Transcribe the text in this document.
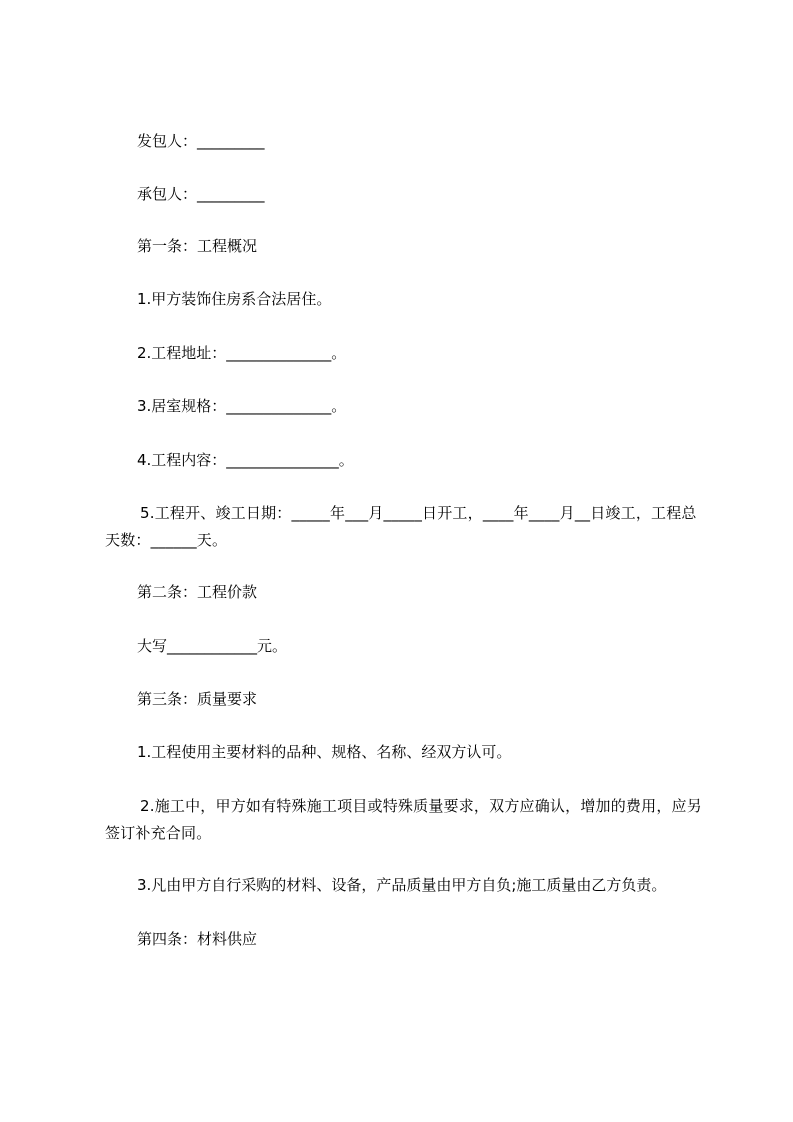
发包人：_________
承包人：_________
第一条：工程概况
1.甲方装饰住房系合法居住。
2.工程地址：______________。
3.居室规格：______________。
4.工程内容：_______________。
5.工程开、竣工日期：_____年___月_____日开工，____年____月__日竣工，工程总天数：______天。
第二条：工程价款
大写____________元。
第三条：质量要求
1.工程使用主要材料的品种、规格、名称、经双方认可。
2.施工中，甲方如有特殊施工项目或特殊质量要求，双方应确认，增加的费用，应另签订补充合同。
3.凡由甲方自行采购的材料、设备，产品质量由甲方自负;施工质量由乙方负责。
第四条：材料供应
